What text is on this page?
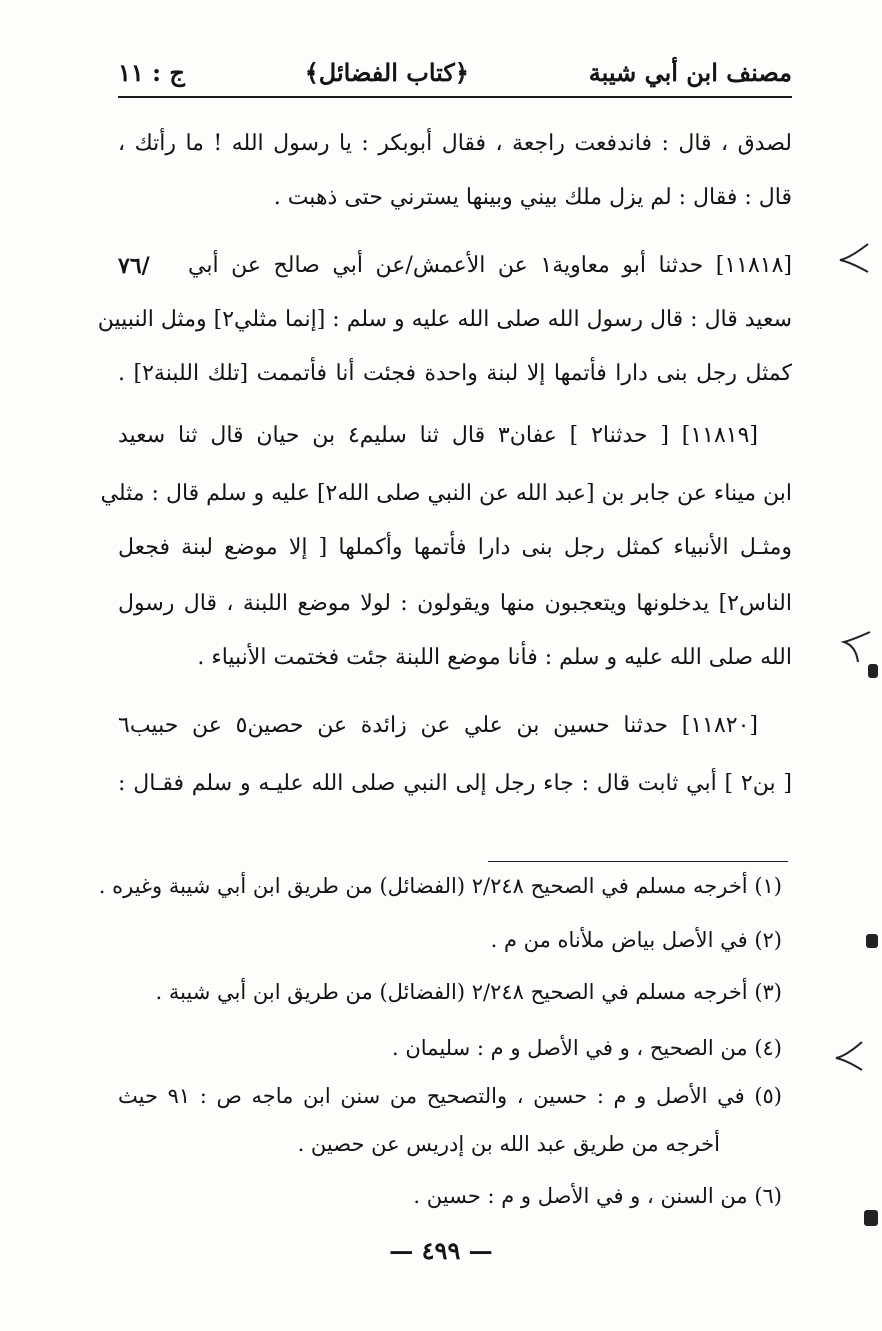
مصنف ابن أبي شيبة
﴿كتاب الفضائل﴾
ج : ١١
لصدق ، قال : فاندفعت راجعة ، فقال أبوبكر : يا رسول الله ! ما رأتك ،
قال : فقال : لم يزل ملك بيني وبينها يسترني حتى ذهبت .
[١١٨١٨] حدثنا أبو معاوية١ عن الأعمش/عن أبي صالح عن أبي
٧٦/
سعيد قال : قال رسول الله صلى الله عليه و سلم : [إنما مثلي٢] ومثل النبيين
كمثل رجل بنى دارا فأتمها إلا لبنة واحدة فجئت أنا فأتممت [تلك اللبنة٢] .
[١١٨١٩] [ حدثنا٢ ] عفان٣ قال ثنا سليم٤ بن حيان قال ثنا سعيد
ابن ميناء عن جابر بن [عبد الله عن النبي صلى الله٢] عليه و سلم قال : مثلي
ومثـل الأنبياء كمثل رجل بنى دارا فأتمها وأكملها [ إلا موضع لبنة فجعل
الناس٢] يدخلونها ويتعجبون منها ويقولون : لولا موضع اللبنة ، قال رسول
الله صلى الله عليه و سلم : فأنا موضع اللبنة جئت فختمت الأنبياء .
[١١٨٢٠] حدثنا حسين بن علي عن زائدة عن حصين٥ عن حبيب٦
[ بن٢ ] أبي ثابت قال : جاء رجل إلى النبي صلى الله عليـه و سلم فقـال :
(١) أخرجه مسلم في الصحيح ٢/٢٤٨ (الفضائل) من طريق ابن أبي شيبة وغيره .
(٢) في الأصل بياض ملأناه من م .
(٣) أخرجه مسلم في الصحيح ٢/٢٤٨ (الفضائل) من طريق ابن أبي شيبة .
(٤) من الصحيح ، و في الأصل و م : سليمان .
(٥) في الأصل و م : حسين ، والتصحيح من سنن ابن ماجه ص : ٩١ حيث
أخرجه من طريق عبد الله بن إدريس عن حصين .
(٦) من السنن ، و في الأصل و م : حسين .
— ٤٩٩ —
